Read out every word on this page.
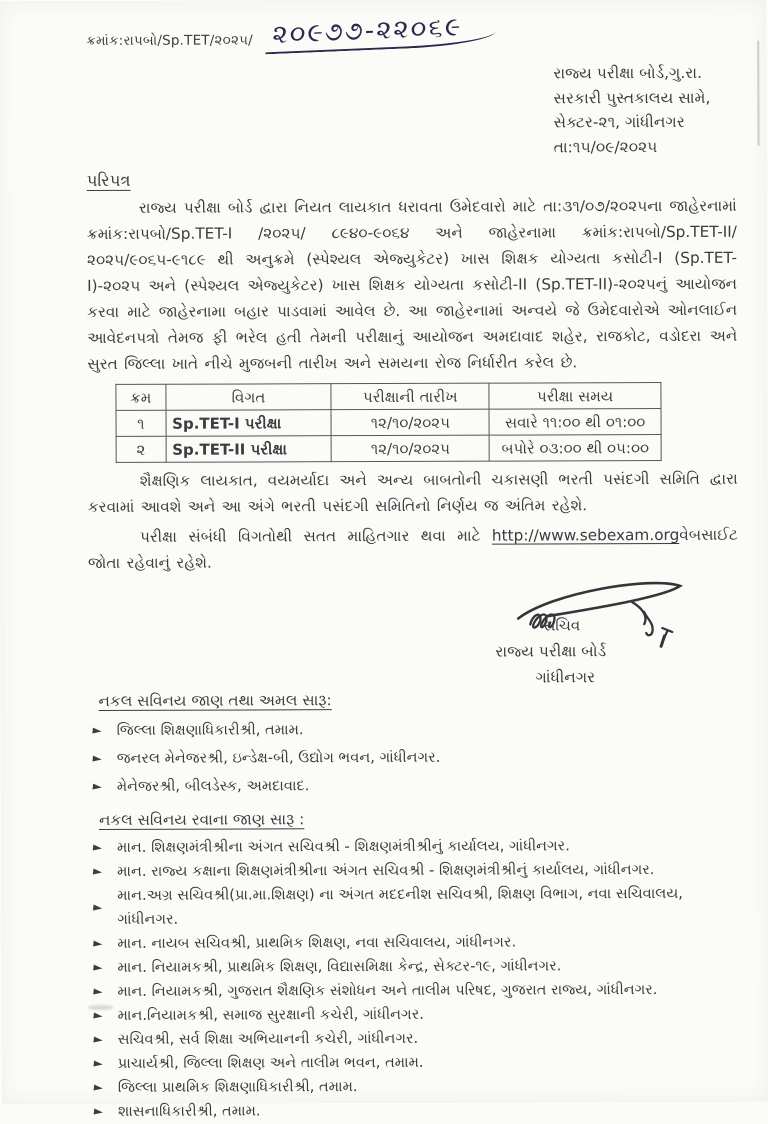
ક્રમાંક:રાપબો/Sp.TET/૨૦૨૫/ ૨૦૯૭૭-૨૨૦૬૯
રાજ્ય પરીક્ષા બોર્ડ,ગુ.રા.
સરકારી પુસ્તકાલય સામે,
સેક્ટર-૨૧, ગાંધીનગર
તા:૧૫/૦૯/૨૦૨૫
પરિપત્ર

રાજ્ય પરીક્ષા બોર્ડ દ્વારા નિયત લાયકાત ધરાવતા ઉમેદવારો માટે તા:૩૧/૦૭/૨૦૨૫ના જાહેરનામાં ક્રમાંક:રાપબો/Sp.TET-I /૨૦૨૫/ ૮૯૪૦-૯૦૬૪ અને જાહેરનામા ક્રમાંક:રાપબો/Sp.TET-II/૨૦૨૫/૯૦૬૫-૯૧૮૯ થી અનુક્રમે (સ્પેશ્યલ એજ્યુકેટર) ખાસ શિક્ષક યોગ્યતા કસોટી-I (Sp.TET-I)-૨૦૨૫ અને (સ્પેશ્યલ એજ્યુકેટર) ખાસ શિક્ષક યોગ્યતા કસોટી-II (Sp.TET-II)-૨૦૨૫નું આયોજન કરવા માટે જાહેરનામા બહાર પાડવામાં આવેલ છે. આ જાહેરનામાં અન્વયે જે ઉમેદવારોએ ઓનલાઈન આવેદનપત્રો તેમજ ફી ભરેલ હતી તેમની પરીક્ષાનું આયોજન અમદાવાદ શહેર, રાજકોટ, વડોદરા અને સુરત જિલ્લા ખાતે નીચે મુજબની તારીખ અને સમયના રોજ નિર્ધારીત કરેલ છે.

ક્રમ	વિગત	પરીક્ષાની તારીખ	પરીક્ષા સમય
૧	Sp.TET-I પરીક્ષા	૧૨/૧૦/૨૦૨૫	સવારે ૧૧:૦૦ થી ૦૧:૦૦
૨	Sp.TET-II પરીક્ષા	૧૨/૧૦/૨૦૨૫	બપોરે ૦૩:૦૦ થી ૦૫:૦૦

શૈક્ષણિક લાયકાત, વયમર્યાદા અને અન્ય બાબતોની ચકાસણી ભરતી પસંદગી સમિતિ દ્વારા કરવામાં આવશે અને આ અંગે ભરતી પસંદગી સમિતિનો નિર્ણય જ અંતિમ રહેશે.

પરીક્ષા સંબંધી વિગતોથી સતત માહિતગાર થવા માટે http://www.sebexam.orgવેબસાઈટ જોતા રહેવાનું રહેશે.

સચિવ
રાજ્ય પરીક્ષા બોર્ડ
ગાંધીનગર
નકલ સવિનય જાણ તથા અમલ સારૂ:
જિલ્લા શિક્ષણાધિકારીશ્રી, તમામ.
જનરલ મેનેજરશ્રી, ઇન્ડેક્ષ-બી, ઉદ્યોગ ભવન, ગાંધીનગર.
મેનેજરશ્રી, બીલડેસ્ક, અમદાવાદ.
નકલ સવિનય રવાના જાણ સારૂ :
માન. શિક્ષણમંત્રીશ્રીના અંગત સચિવશ્રી - શિક્ષણમંત્રીશ્રીનું કાર્યાલય, ગાંધીનગર.
માન. રાજ્ય કક્ષાના શિક્ષણમંત્રીશ્રીના અંગત સચિવશ્રી - શિક્ષણમંત્રીશ્રીનું કાર્યાલય, ગાંધીનગર.
માન.અગ્ર સચિવશ્રી(પ્રા.મા.શિક્ષણ) ના અંગત મદદનીશ સચિવશ્રી, શિક્ષણ વિભાગ, નવા સચિવાલય, ગાંધીનગર.
માન. નાયબ સચિવશ્રી, પ્રાથમિક શિક્ષણ, નવા સચિવાલય, ગાંધીનગર.
માન. નિયામકશ્રી, પ્રાથમિક શિક્ષણ, વિદ્યાસમિક્ષા કેન્દ્ર, સેક્ટર-૧૯, ગાંધીનગર.
માન. નિયામકશ્રી, ગુજરાત શૈક્ષણિક સંશોધન અને તાલીમ પરિષદ, ગુજરાત રાજ્ય, ગાંધીનગર.
માન.નિયામકશ્રી, સમાજ સુરક્ષાની કચેરી, ગાંધીનગર.
સચિવશ્રી, સર્વ શિક્ષા અભિયાનની કચેરી, ગાંધીનગર.
પ્રાચાર્યશ્રી, જિલ્લા શિક્ષણ અને તાલીમ ભવન, તમામ.
જિલ્લા પ્રાથમિક શિક્ષણાધિકારીશ્રી, તમામ.
શાસનાધિકારીશ્રી, તમામ.
